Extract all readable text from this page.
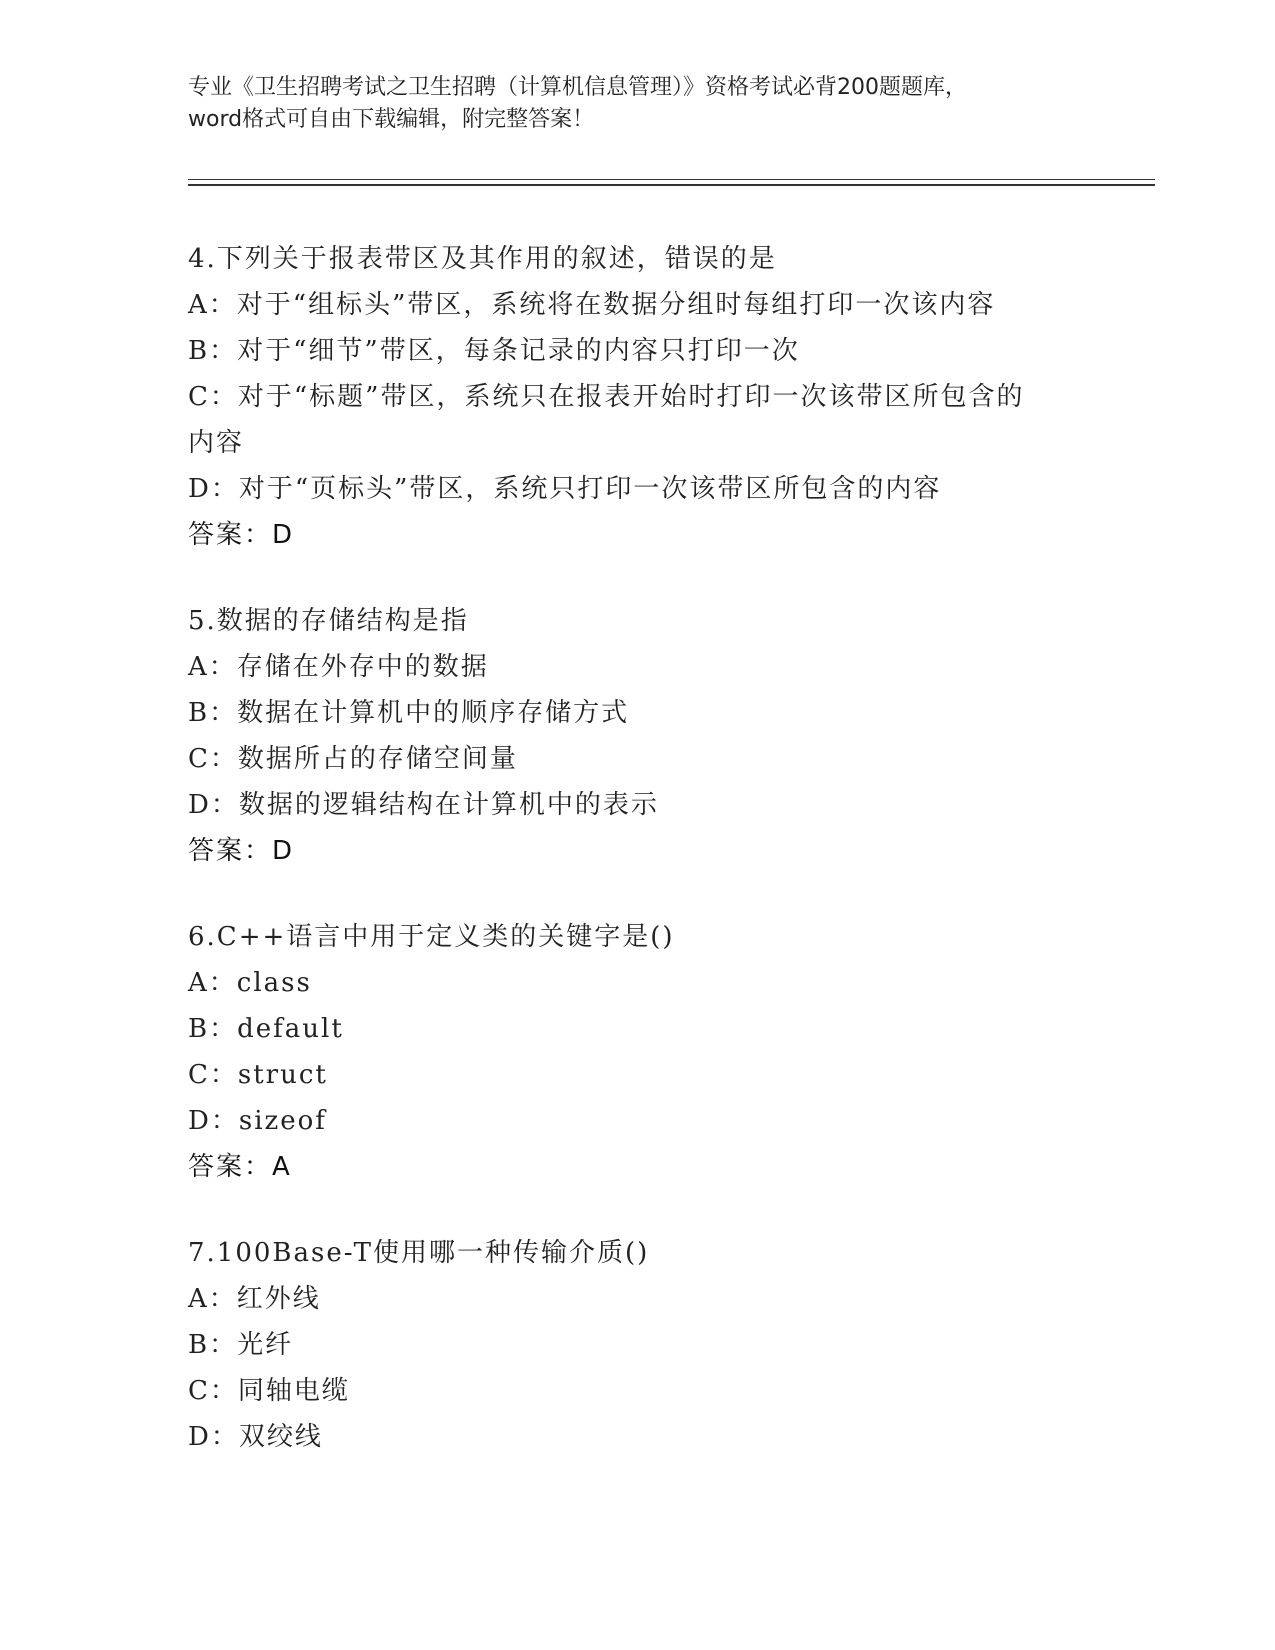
专业《卫生招聘考试之卫生招聘（计算机信息管理）》资格考试必背200题题库，
word格式可自由下载编辑，附完整答案！
4.下列关于报表带区及其作用的叙述，错误的是
A：对于“组标头”带区，系统将在数据分组时每组打印一次该内容
B：对于“细节”带区，每条记录的内容只打印一次
C：对于“标题”带区，系统只在报表开始时打印一次该带区所包含的
内容
D：对于“页标头”带区，系统只打印一次该带区所包含的内容
答案：D
5.数据的存储结构是指
A：存储在外存中的数据
B：数据在计算机中的顺序存储方式
C：数据所占的存储空间量
D：数据的逻辑结构在计算机中的表示
答案：D
6.C++语言中用于定义类的关键字是()
A：class
B：default
C：struct
D：sizeof
答案：A
7.100Base-T使用哪一种传输介质()
A：红外线
B：光纤
C：同轴电缆
D：双绞线
